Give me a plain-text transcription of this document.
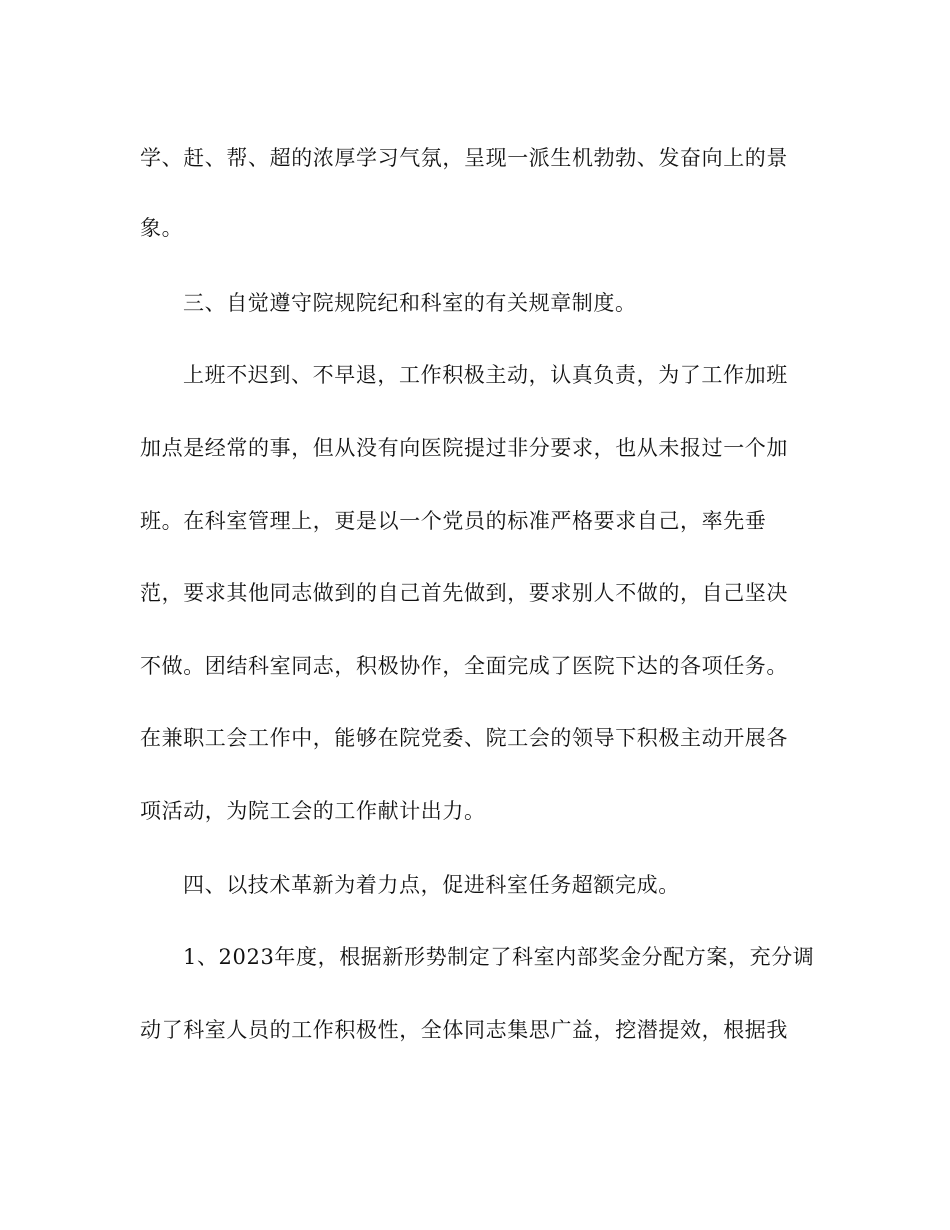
学、赶、帮、超的浓厚学习气氛，呈现一派生机勃勃、发奋向上的景
象。
三、自觉遵守院规院纪和科室的有关规章制度。
上班不迟到、不早退，工作积极主动，认真负责，为了工作加班
加点是经常的事，但从没有向医院提过非分要求，也从未报过一个加
班。在科室管理上，更是以一个党员的标准严格要求自己，率先垂
范，要求其他同志做到的自己首先做到，要求别人不做的，自己坚决
不做。团结科室同志，积极协作，全面完成了医院下达的各项任务。
在兼职工会工作中，能够在院党委、院工会的领导下积极主动开展各
项活动，为院工会的工作献计出力。
四、以技术革新为着力点，促进科室任务超额完成。
1、2023年度，根据新形势制定了科室内部奖金分配方案，充分调
动了科室人员的工作积极性，全体同志集思广益，挖潜提效，根据我
